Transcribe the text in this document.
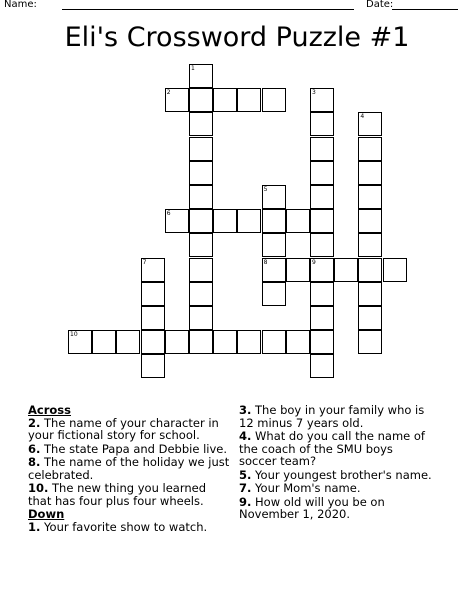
Name:	Date:
Eli's Crossword Puzzle #1
1
2	3
9
4
5
8
6
7
10
Across
2. The name of your character in your fictional story for school.
6. The state Papa and Debbie live.
8. The name of the holiday we just celebrated.
10. The new thing you learned that has four plus four wheels.
Down
1. Your favorite show to watch.
3. The boy in your family who is 12 minus 7 years old.
4. What do you call the name of the coach of the SMU boys soccer team?
5. Your youngest brother's name.
7. Your Mom's name.
9. How old will you be on November 1, 2020.
